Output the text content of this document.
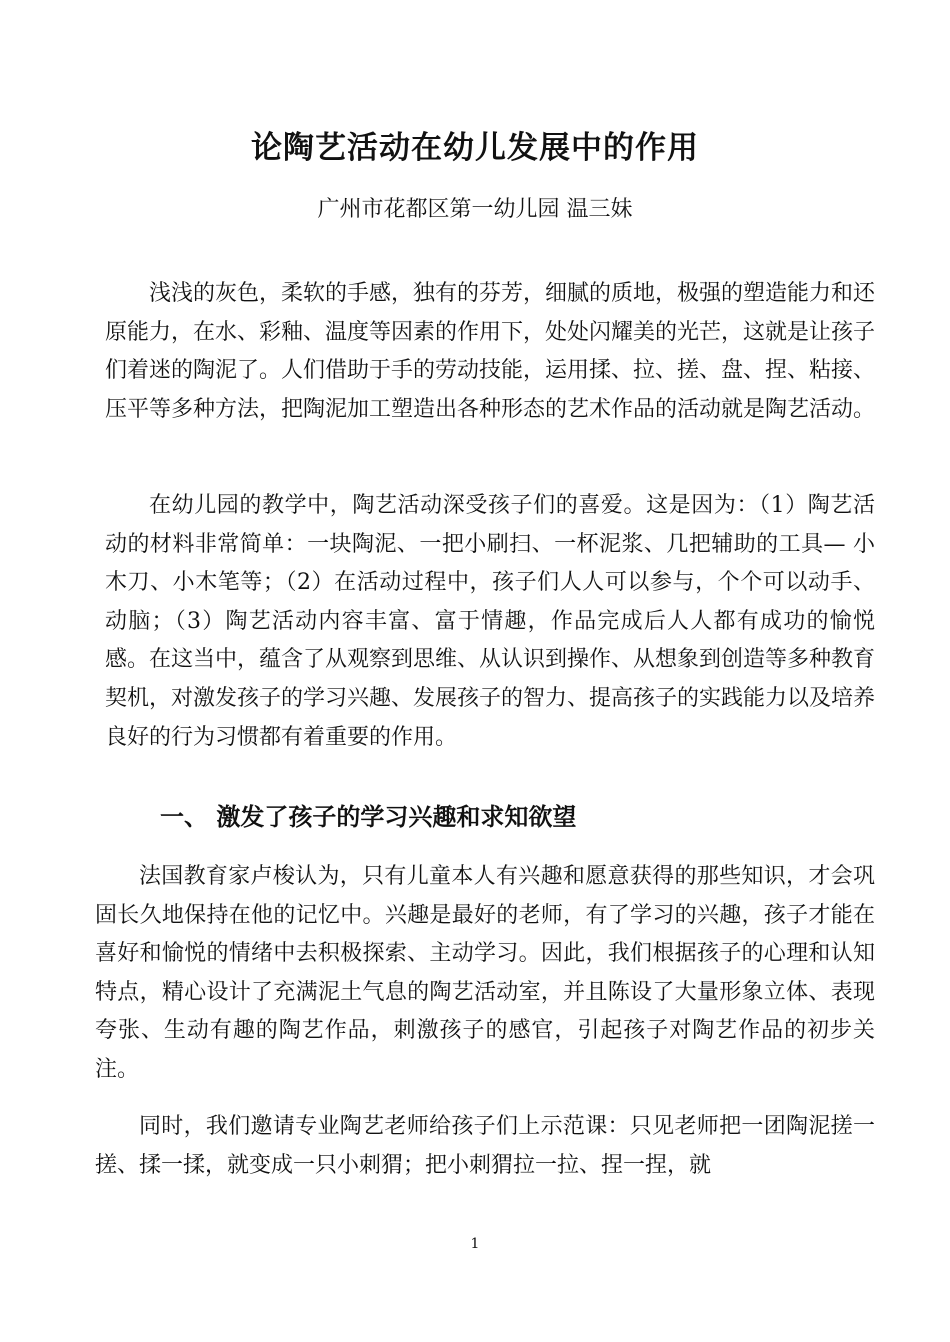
论陶艺活动在幼儿发展中的作用
广州市花都区第一幼儿园 温三妹

浅浅的灰色，柔软的手感，独有的芬芳，细腻的质地，极强的塑造能力和还原能力，在水、彩釉、温度等因素的作用下，处处闪耀美的光芒，这就是让孩子们着迷的陶泥了。人们借助于手的劳动技能，运用揉、拉、搓、盘、捏、粘接、压平等多种方法，把陶泥加工塑造出各种形态的艺术作品的活动就是陶艺活动。

在幼儿园的教学中，陶艺活动深受孩子们的喜爱。这是因为：（1）陶艺活动的材料非常简单：一块陶泥、一把小刷扫、一杯泥浆、几把辅助的工具— 小木刀、小木笔等；（2）在活动过程中，孩子们人人可以参与，个个可以动手、动脑；（3）陶艺活动内容丰富、富于情趣，作品完成后人人都有成功的愉悦感。在这当中，蕴含了从观察到思维、从认识到操作、从想象到创造等多种教育契机，对激发孩子的学习兴趣、发展孩子的智力、提高孩子的实践能力以及培养良好的行为习惯都有着重要的作用。

一、 激发了孩子的学习兴趣和求知欲望

法国教育家卢梭认为，只有儿童本人有兴趣和愿意获得的那些知识，才会巩固长久地保持在他的记忆中。兴趣是最好的老师，有了学习的兴趣，孩子才能在喜好和愉悦的情绪中去积极探索、主动学习。因此，我们根据孩子的心理和认知特点，精心设计了充满泥土气息的陶艺活动室，并且陈设了大量形象立体、表现夸张、生动有趣的陶艺作品，刺激孩子的感官，引起孩子对陶艺作品的初步关注。

同时，我们邀请专业陶艺老师给孩子们上示范课：只见老师把一团陶泥搓一搓、揉一揉，就变成一只小刺猬；把小刺猬拉一拉、捏一捏，就

1
